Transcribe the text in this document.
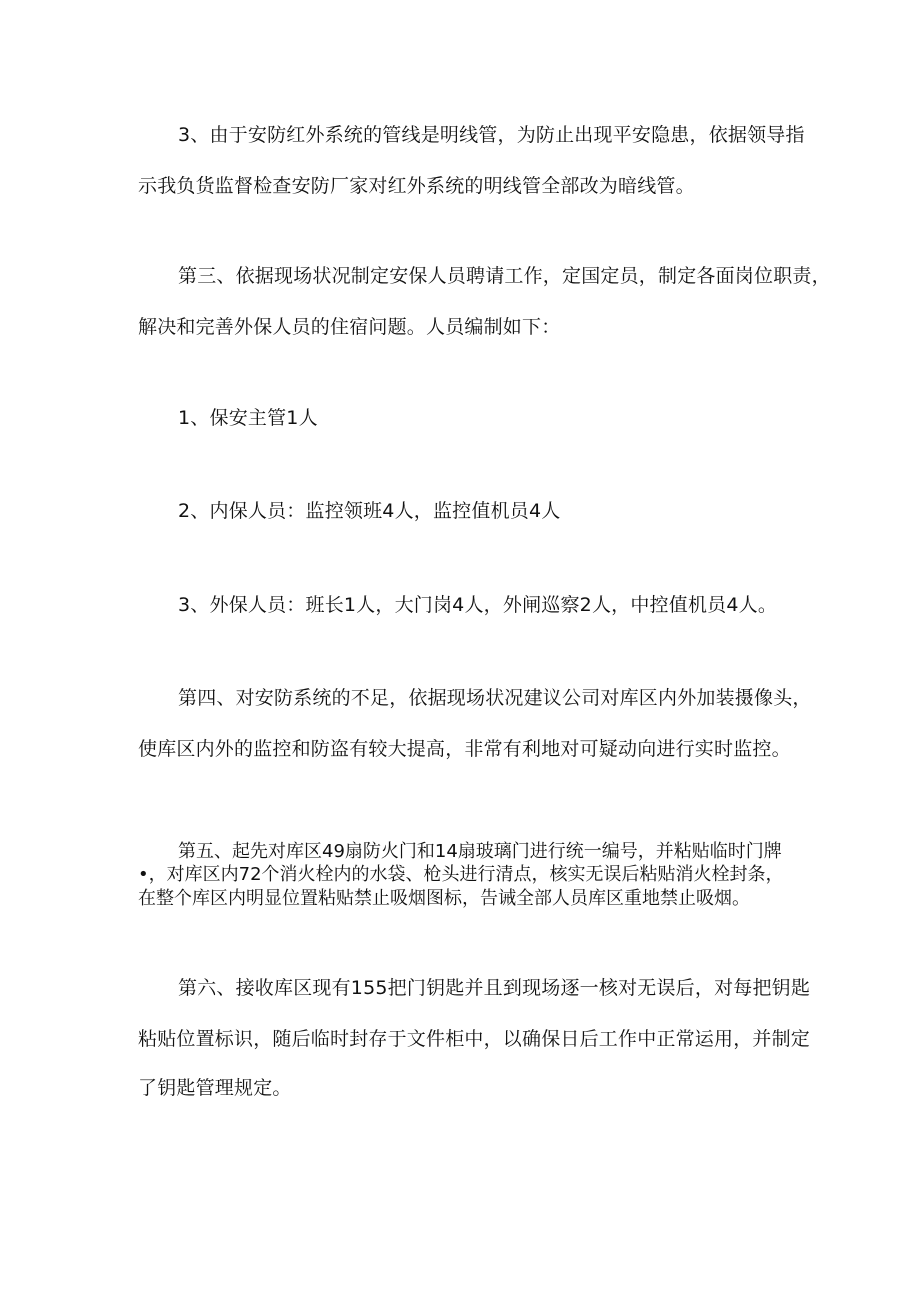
3、由于安防红外系统的管线是明线管，为防止出现平安隐患，依据领导指
示我负货监督检查安防厂家对红外系统的明线管全部改为暗线管。
第三、依据现场状况制定安保人员聘请工作，定国定员，制定各面岗位职责，
解决和完善外保人员的住宿问题。人员编制如下：
1、保安主管1人
2、内保人员：监控领班4人，监控值机员4人
3、外保人员：班长1人，大门岗4人，外闸巡察2人，中控值机员4人。
第四、对安防系统的不足，依据现场状况建议公司对库区内外加装摄像头，
使库区内外的监控和防盗有较大提高，非常有利地对可疑动向进行实时监控。
第五、起先对库区49扇防火门和14扇玻璃门进行统一编号，并粘贴临时门牌
•，对库区内72个消火栓内的水袋、枪头进行清点，核实无误后粘贴消火栓封条，
在整个库区内明显位置粘贴禁止吸烟图标，告诫全部人员库区重地禁止吸烟。
第六、接收库区现有155把门钥匙并且到现场逐一核对无误后，对每把钥匙
粘贴位置标识，随后临时封存于文件柜中，以确保日后工作中正常运用，并制定
了钥匙管理规定。
